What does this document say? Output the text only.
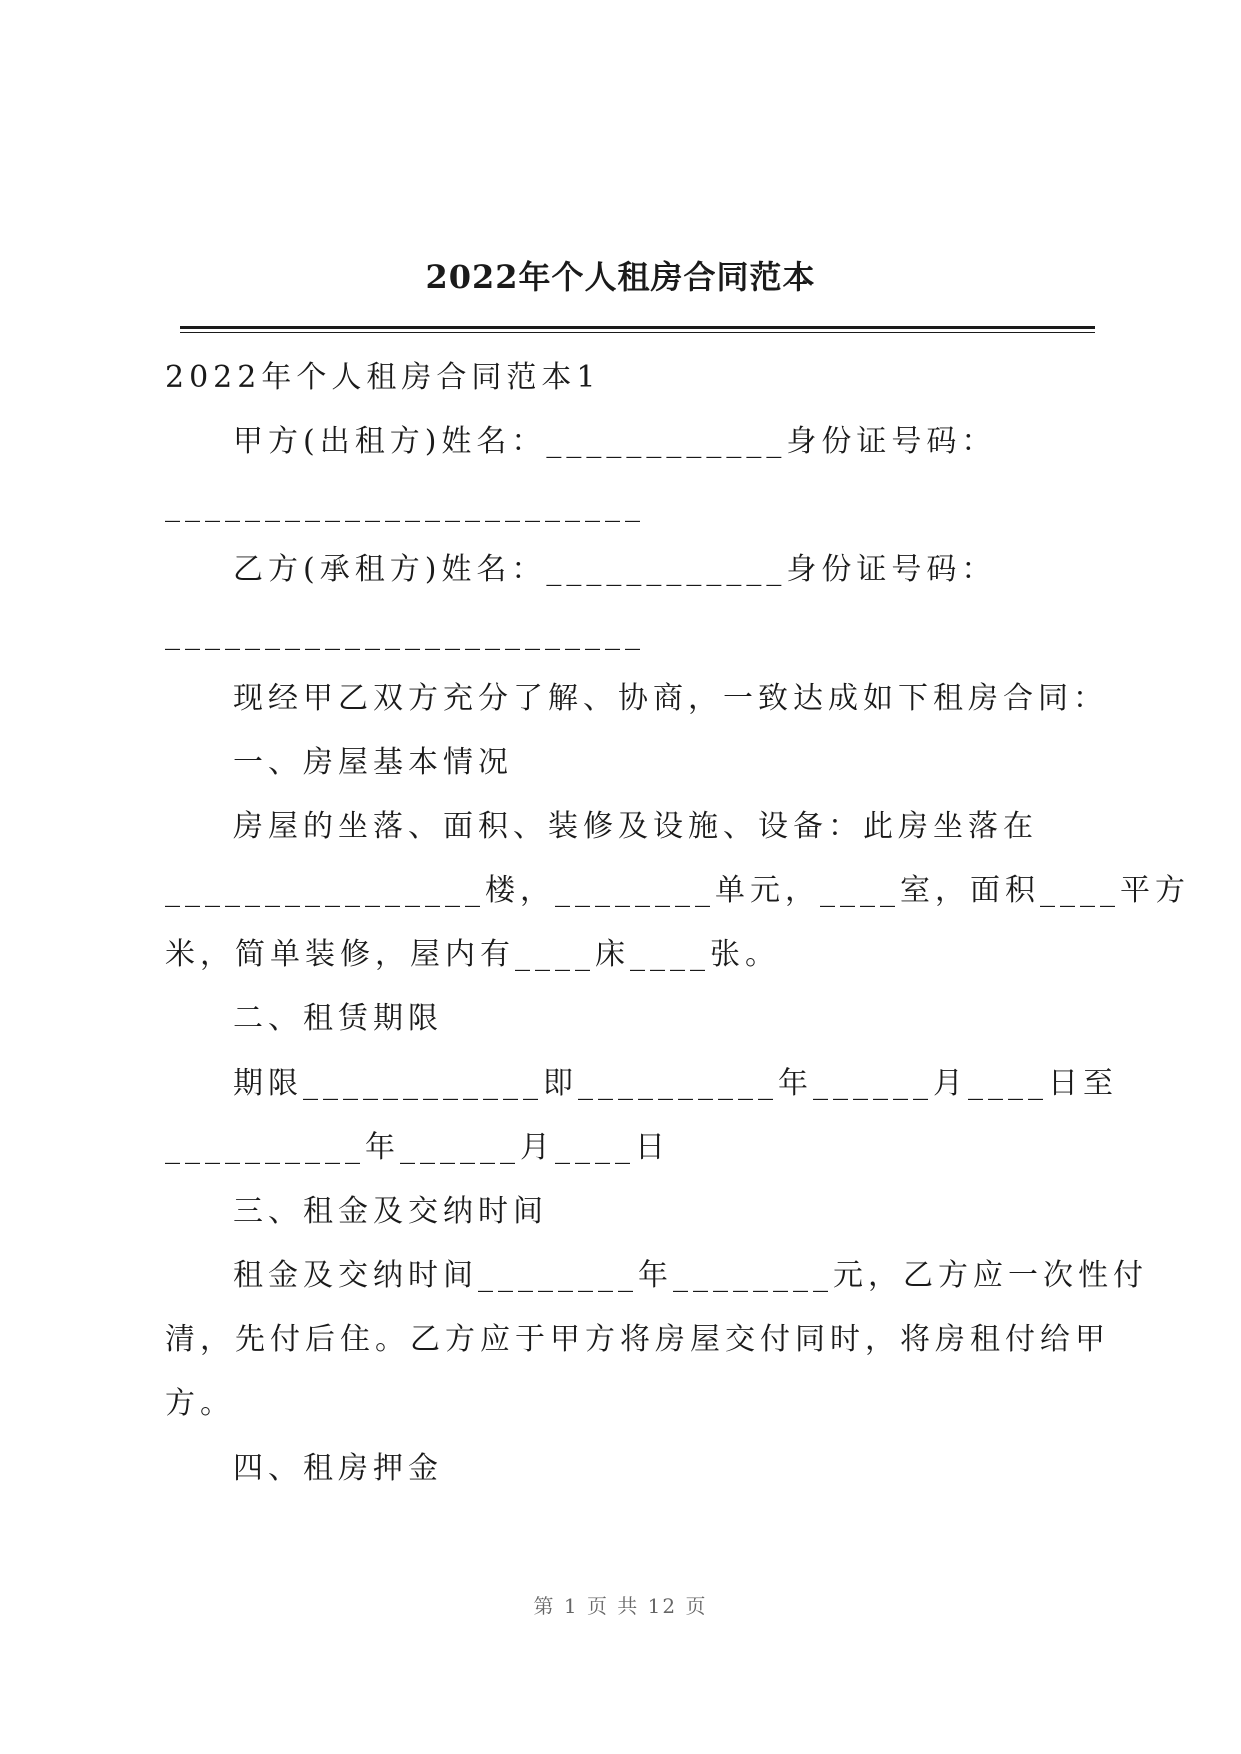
2022年个人租房合同范本
2022年个人租房合同范本1
甲方(出租方)姓名：____________身份证号码：
________________________
乙方(承租方)姓名：____________身份证号码：
________________________
现经甲乙双方充分了解、协商，一致达成如下租房合同：
一、房屋基本情况
房屋的坐落、面积、装修及设施、设备：此房坐落在
________________楼，________单元，____室，面积____平方
米，简单装修，屋内有____床____张。
二、租赁期限
期限____________即__________年______月____日至
__________年______月____日
三、租金及交纳时间
租金及交纳时间________年________元，乙方应一次性付
清，先付后住。乙方应于甲方将房屋交付同时，将房租付给甲
方。
四、租房押金
第 1 页 共 12 页
